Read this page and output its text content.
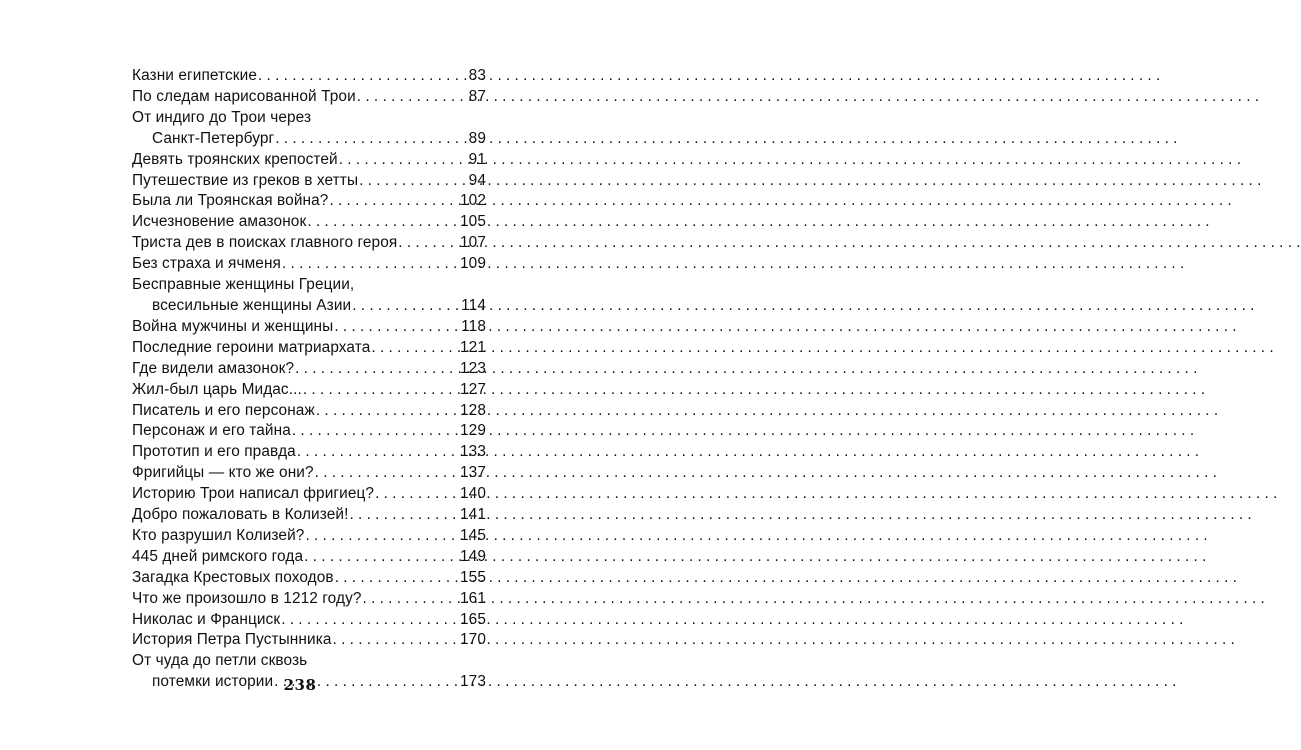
Казни египетские . . .	83
По следам нарисованной Трои . . .	87
От индиго до Трои через
Санкт-Петербург . . .	89
Девять троянских крепостей . . .	91
Путешествие из греков в хетты . . .	94
Была ли Троянская война? . . .	102
Исчезновение амазонок . . .	105
Триста дев в поисках главного героя . . .	107
Без страха и ячменя . . .	109
Бесправные женщины Греции,
всесильные женщины Азии . . .	114
Война мужчины и женщины . . .	118
Последние героини матриархата . . .	121
Где видели амазонок? . . .	123
Жил-был царь Мидас... . . .	127
Писатель и его персонаж . . .	128
Персонаж и его тайна . . .	129
Прототип и его правда . . .	133
Фригийцы — кто же они? . . .	137
Историю Трои написал фригиец? . . .	140
Добро пожаловать в Колизей! . . .	141
Кто разрушил Колизей? . . .	145
445 дней римского года . . .	149
Загадка Крестовых походов . . .	155
Что же произошло в 1212 году? . . .	161
Николас и Франциск . . .	165
История Петра Пустынника . . .	170
От чуда до петли сквозь
потемки истории . . .	173
238
